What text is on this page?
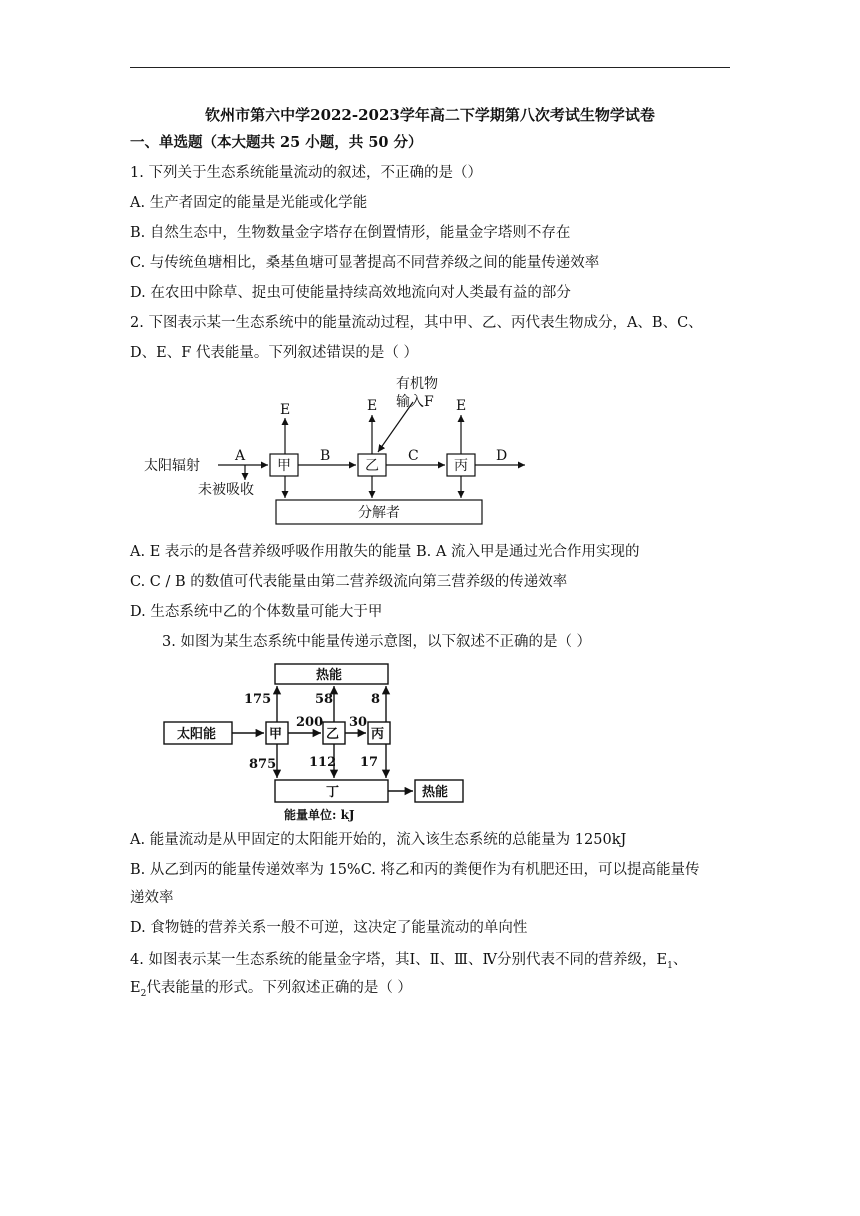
钦州市第六中学2022-2023学年高二下学期第八次考试生物学试卷
一、单选题（本大题共 25 小题，共 50 分）
1. 下列关于生态系统能量流动的叙述，不正确的是（）
A. 生产者固定的能量是光能或化学能
B. 自然生态中，生物数量金字塔存在倒置情形，能量金字塔则不存在
C. 与传统鱼塘相比，桑基鱼塘可显著提高不同营养级之间的能量传递效率
D. 在农田中除草、捉虫可使能量持续高效地流向对人类最有益的部分
2. 下图表示某一生态系统中的能量流动过程，其中甲、乙、丙代表生物成分，A、B、C、
D、E、F 代表能量。下列叙述错误的是（ ）
太阳辐射
未被吸收
有机物
输入F
甲	乙	丙
分解者
A	B	C	D
E	E	E
A. E 表示的是各营养级呼吸作用散失的能量 B. A 流入甲是通过光合作用实现的
C. C / B 的数值可代表能量由第二营养级流向第三营养级的传递效率
D. 生态系统中乙的个体数量可能大于甲
3. 如图为某生态系统中能量传递示意图，以下叙述不正确的是（ ）
热能
太阳能	甲	乙 丙
丁	热能
175	58	8
200 30
875	112 17
能量单位: kJ
A. 能量流动是从甲固定的太阳能开始的，流入该生态系统的总能量为 1250kJ
B. 从乙到丙的能量传递效率为 15%C. 将乙和丙的粪便作为有机肥还田，可以提高能量传
递效率
D. 食物链的营养关系一般不可逆，这决定了能量流动的单向性
4. 如图表示某一生态系统的能量金字塔，其Ⅰ、Ⅱ、Ⅲ、Ⅳ分别代表不同的营养级，$E_1$、
$E_2$代表能量的形式。下列叙述正确的是（ ）
